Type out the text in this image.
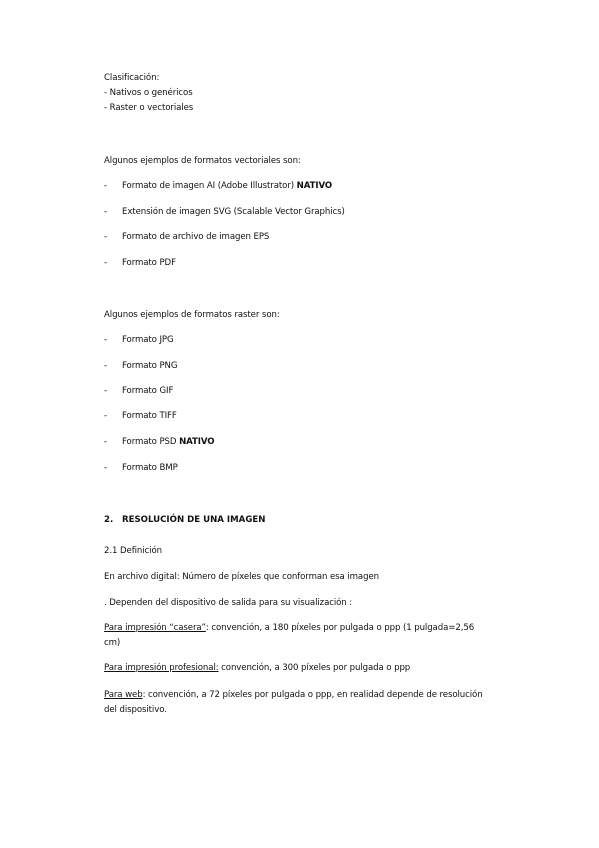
Clasificación:
- Nativos o genéricos
- Raster o vectoriales
Algunos ejemplos de formatos vectoriales son:
- Formato de imagen AI (Adobe Illustrator) NATIVO
- Extensión de imagen SVG (Scalable Vector Graphics)
- Formato de archivo de imagen EPS
- Formato PDF
Algunos ejemplos de formatos raster son:
- Formato JPG
- Formato PNG
- Formato GIF
- Formato TIFF
- Formato PSD NATIVO
- Formato BMP
2. RESOLUCIÓN DE UNA IMAGEN
2.1 Definición
En archivo digital: Número de píxeles que conforman esa imagen
. Dependen del dispositivo de salida para su visualización :
Para impresión “casera”: convención, a 180 píxeles por pulgada o ppp (1 pulgada=2,56
cm)
Para impresión profesional: convención, a 300 píxeles por pulgada o ppp
Para web: convención, a 72 píxeles por pulgada o ppp, en realidad depende de resolución
del dispositivo.
